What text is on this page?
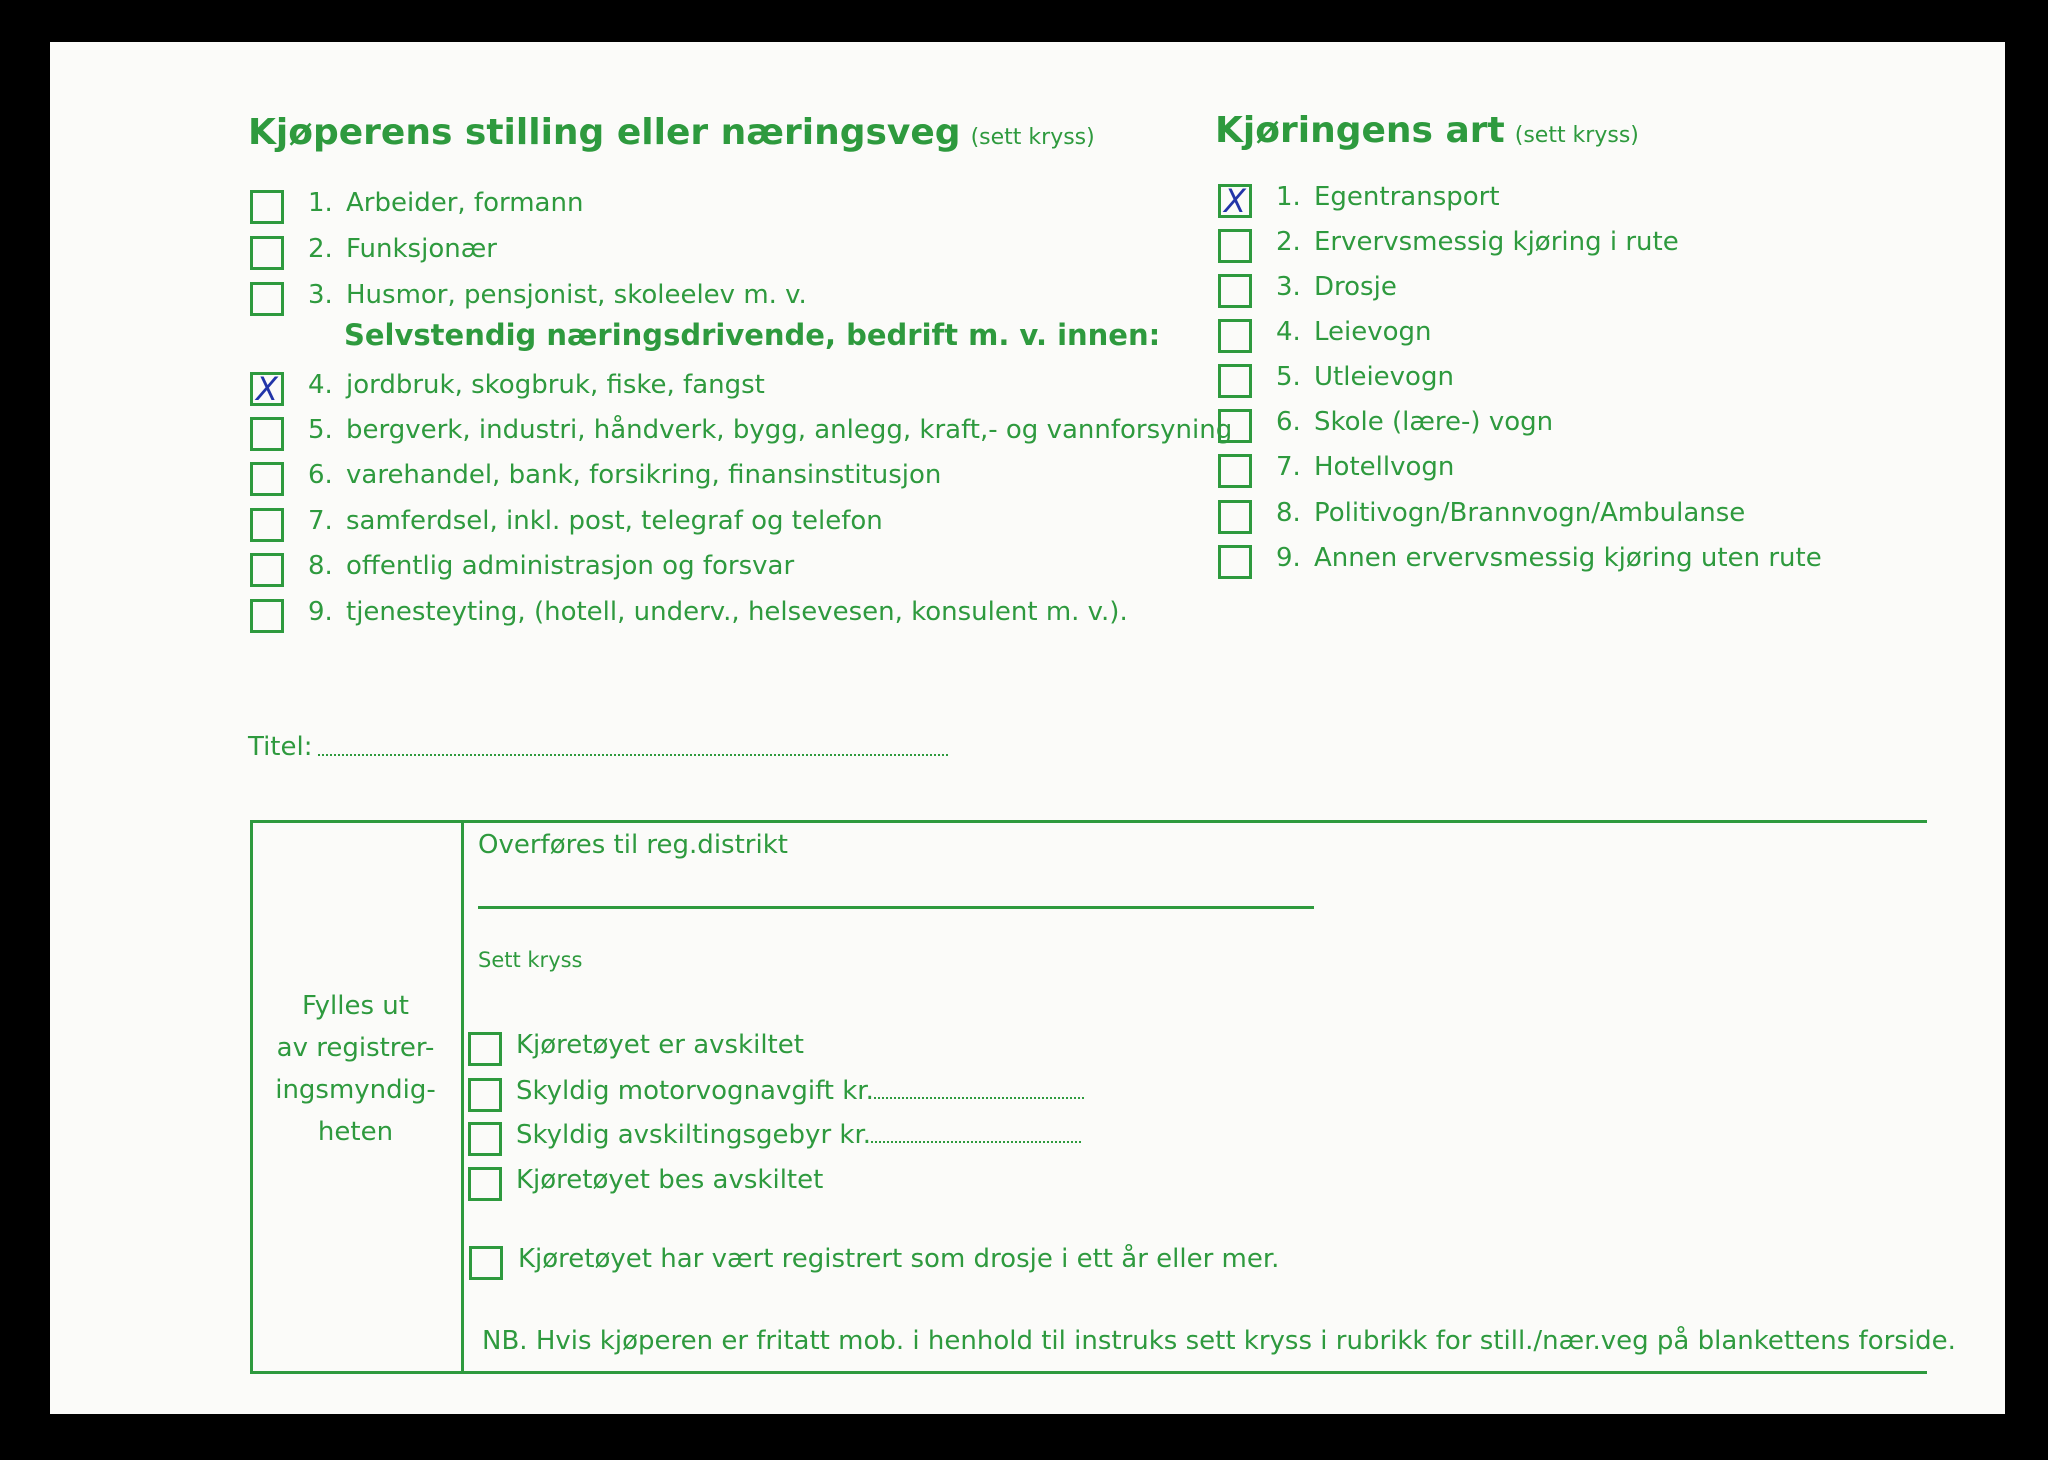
Kjøperens stilling eller næringsveg (sett kryss)
Selvstendig næringsdrivende, bedrift m. v. innen:
Kjøringens art (sett kryss)
Titel:
Fylles ut
av registrer-
ingsmyndig-
heten
Overføres til reg.distrikt
Sett kryss
NB. Hvis kjøperen er fritatt mob. i henhold til instruks sett kryss i rubrikk for still./nær.veg på blankettens forside.
Kjøretøyet er avskiltet
Skyldig motorvognavgift kr.
Skyldig avskiltingsgebyr kr.
Kjøretøyet bes avskiltet
Kjøretøyet har vært registrert som drosje i ett år eller mer.
1. Arbeider, formann
2. Funksjonær
3. Husmor, pensjonist, skoleelev m. v.
X 4. jordbruk, skogbruk, fiske, fangst
5. bergverk, industri, håndverk, bygg, anlegg, kraft,- og vannforsyning
6. varehandel, bank, forsikring, finansinstitusjon
7. samferdsel, inkl. post, telegraf og telefon
8. offentlig administrasjon og forsvar
9. tjenesteyting, (hotell, underv., helsevesen, konsulent m. v.).
X 1. Egentransport
2. Ervervsmessig kjøring i rute
3. Drosje
4. Leievogn
5. Utleievogn
6. Skole (lære-) vogn
7. Hotellvogn
8. Politivogn/Brannvogn/Ambulanse
9. Annen ervervsmessig kjøring uten rute
